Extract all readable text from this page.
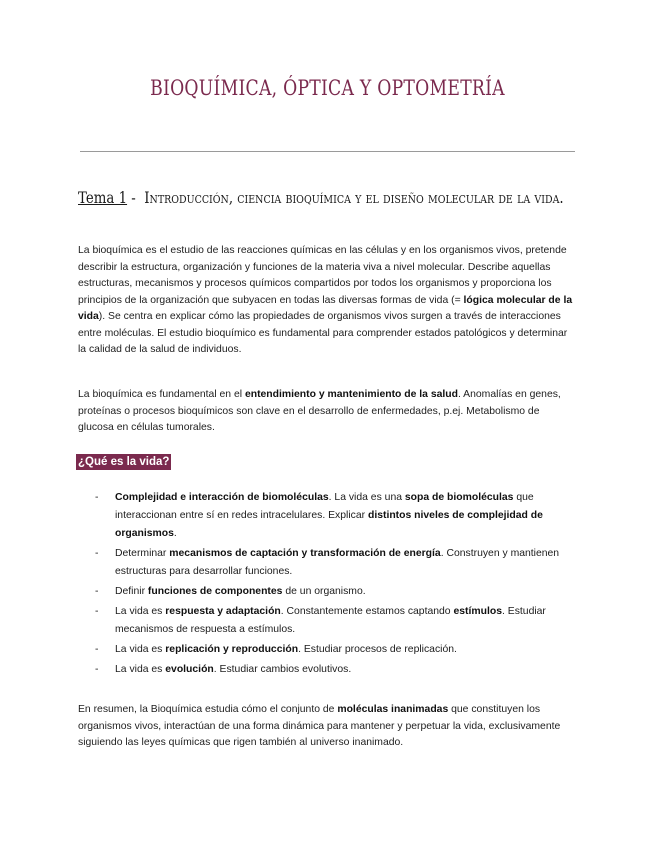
BIOQUÍMICA, ÓPTICA Y OPTOMETRÍA
Tema 1 -  Introducción, ciencia bioquímica y el diseño molecular de la vida.

La bioquímica es el estudio de las reacciones químicas en las células y en los organismos vivos, pretende describir la estructura, organización y funciones de la materia viva a nivel molecular. Describe aquellas estructuras, mecanismos y procesos químicos compartidos por todos los organismos y proporciona los principios de la organización que subyacen en todas las diversas formas de vida (= lógica molecular de la vida). Se centra en explicar cómo las propiedades de organismos vivos surgen a través de interacciones entre moléculas. El estudio bioquímico es fundamental para comprender estados patológicos y determinar la calidad de la salud de individuos.

La bioquímica es fundamental en el entendimiento y mantenimiento de la salud. Anomalías en genes, proteínas o procesos bioquímicos son clave en el desarrollo de enfermedades, p.ej. Metabolismo de glucosa en células tumorales.

¿Qué es la vida?
- Complejidad e interacción de biomoléculas. La vida es una sopa de biomoléculas que interaccionan entre sí en redes intracelulares. Explicar distintos niveles de complejidad de organismos.
- Determinar mecanismos de captación y transformación de energía. Construyen y mantienen estructuras para desarrollar funciones.
- Definir funciones de componentes de un organismo.
- La vida es respuesta y adaptación. Constantemente estamos captando estímulos. Estudiar mecanismos de respuesta a estímulos.
- La vida es replicación y reproducción. Estudiar procesos de replicación.
- La vida es evolución. Estudiar cambios evolutivos.

En resumen, la Bioquímica estudia cómo el conjunto de moléculas inanimadas que constituyen los organismos vivos, interactúan de una forma dinámica para mantener y perpetuar la vida, exclusivamente siguiendo las leyes químicas que rigen también al universo inanimado.
